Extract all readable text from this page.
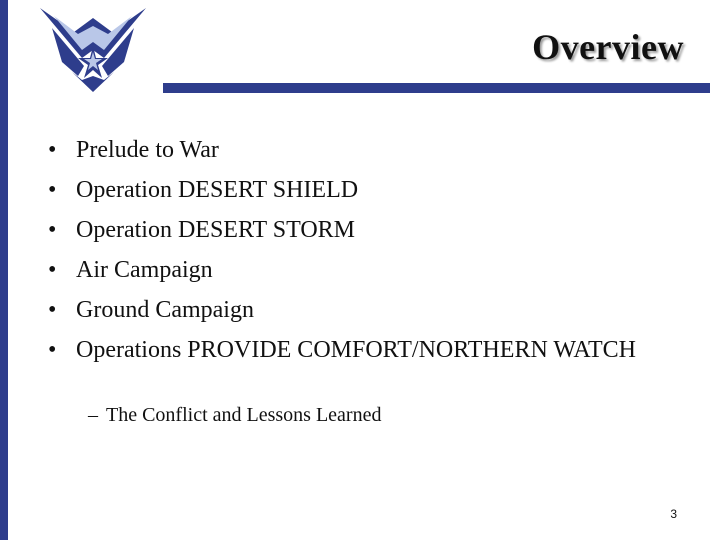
Overview
• Prelude to War
• Operation DESERT SHIELD
• Operation DESERT STORM
• Air Campaign
• Ground Campaign
• Operations PROVIDE COMFORT/NORTHERN WATCH
– The Conflict and Lessons Learned
3
